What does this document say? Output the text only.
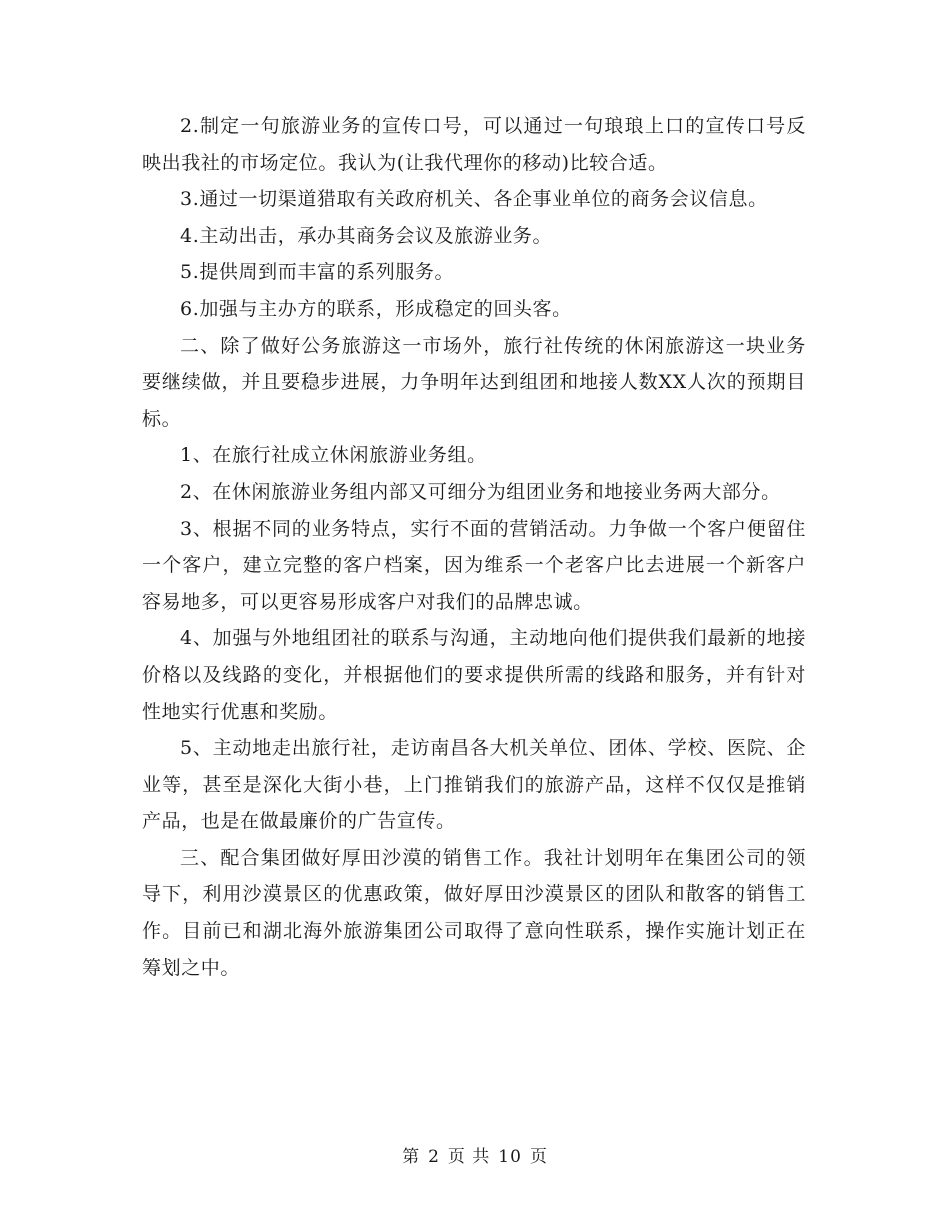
2.制定一句旅游业务的宣传口号，可以通过一句琅琅上口的宣传口号反映出我社的市场定位。我认为(让我代理你的移动)比较合适。

3.通过一切渠道猎取有关政府机关、各企事业单位的商务会议信息。

4.主动出击，承办其商务会议及旅游业务。

5.提供周到而丰富的系列服务。

6.加强与主办方的联系，形成稳定的回头客。

二、除了做好公务旅游这一市场外，旅行社传统的休闲旅游这一块业务要继续做，并且要稳步进展，力争明年达到组团和地接人数XX人次的预期目标。

1、在旅行社成立休闲旅游业务组。

2、在休闲旅游业务组内部又可细分为组团业务和地接业务两大部分。

3、根据不同的业务特点，实行不面的营销活动。力争做一个客户便留住一个客户，建立完整的客户档案，因为维系一个老客户比去进展一个新客户容易地多，可以更容易形成客户对我们的品牌忠诚。

4、加强与外地组团社的联系与沟通，主动地向他们提供我们最新的地接价格以及线路的变化，并根据他们的要求提供所需的线路和服务，并有针对性地实行优惠和奖励。

5、主动地走出旅行社，走访南昌各大机关单位、团体、学校、医院、企业等，甚至是深化大街小巷，上门推销我们的旅游产品，这样不仅仅是推销产品，也是在做最廉价的广告宣传。

三、配合集团做好厚田沙漠的销售工作。我社计划明年在集团公司的领导下，利用沙漠景区的优惠政策，做好厚田沙漠景区的团队和散客的销售工作。目前已和湖北海外旅游集团公司取得了意向性联系，操作实施计划正在筹划之中。

第 2 页 共 10 页
